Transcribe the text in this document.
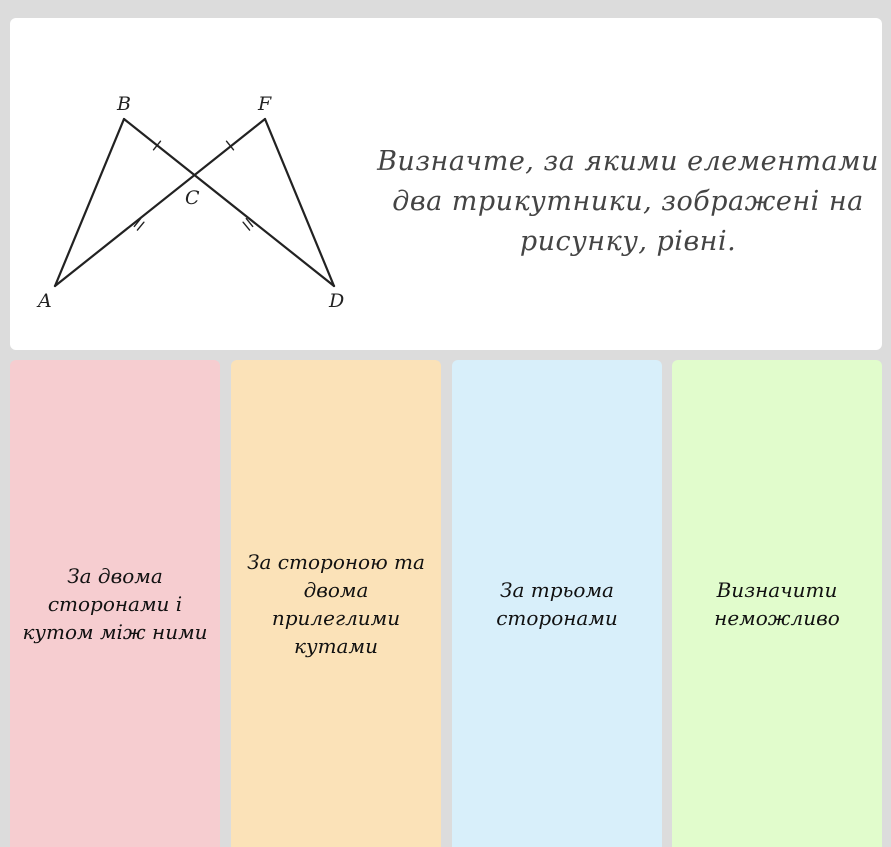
B	F
C
A	D
Визначте, за якими елементами два трикутники, зображені на рисунку, рівні.
За двома сторонами і кутом між ними
За стороною та двома прилеглими кутами
За трьома сторонами
Визначити неможливо
